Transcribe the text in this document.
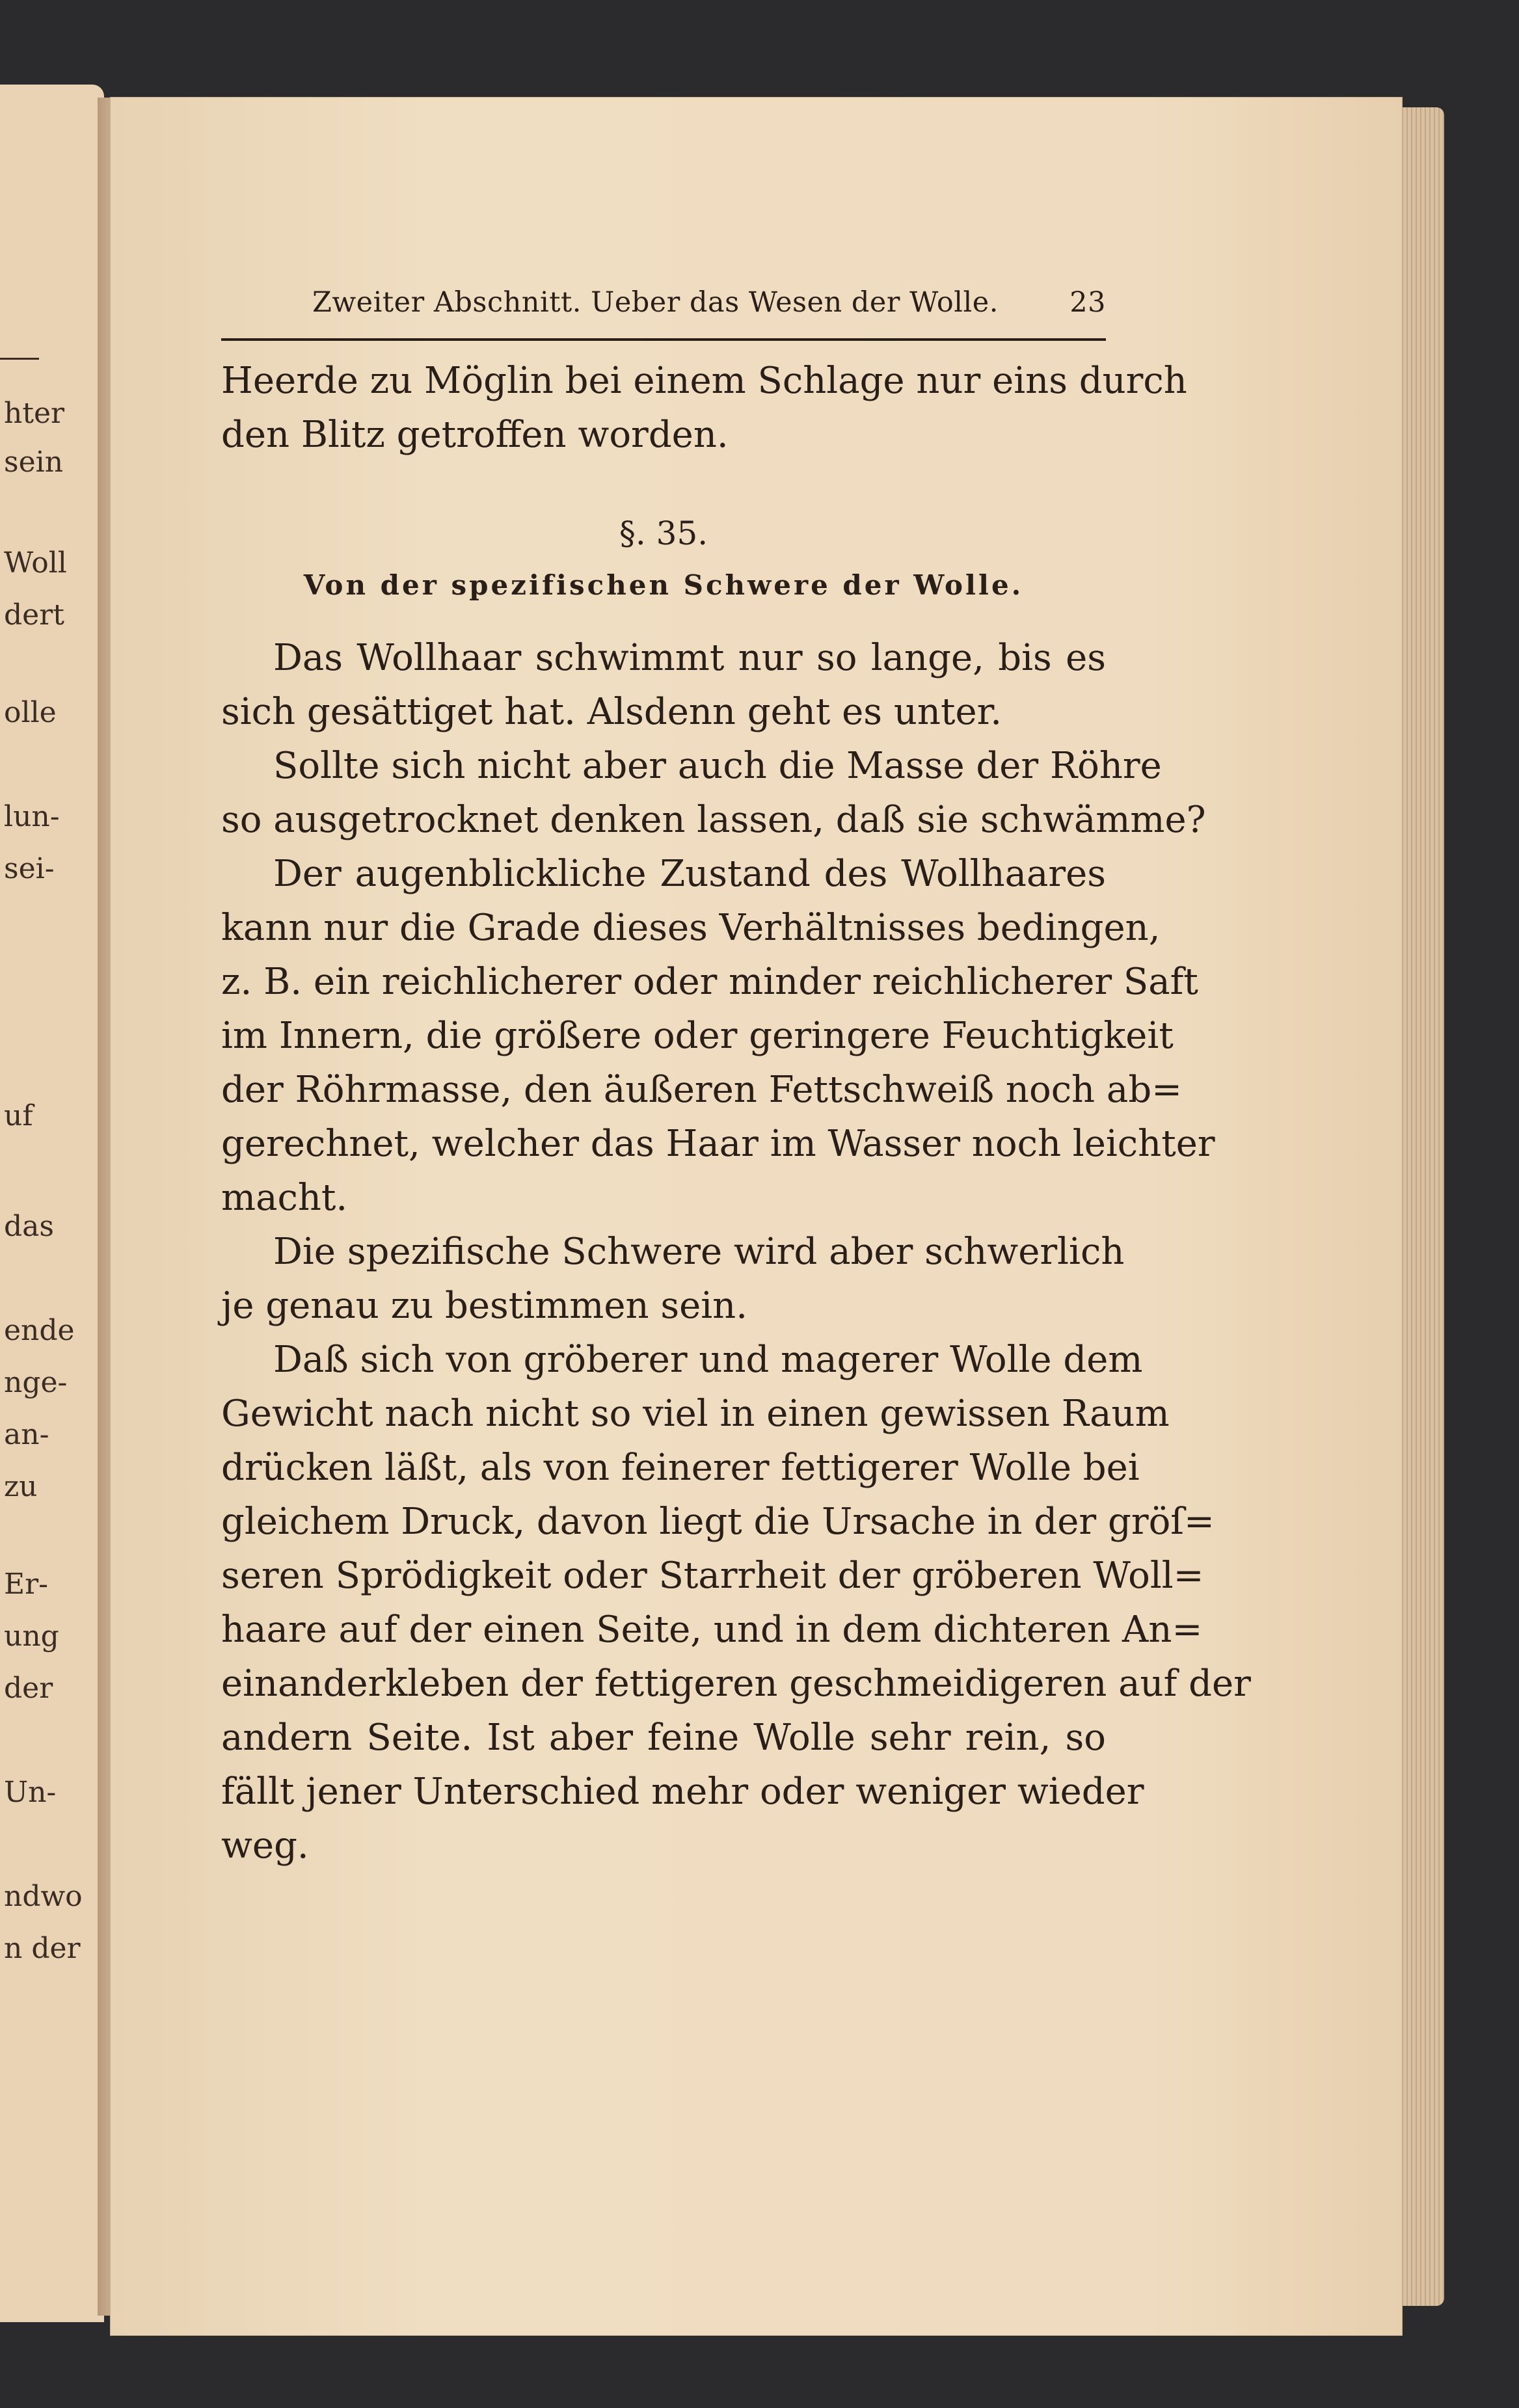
hter
sein
Woll
dert
olle
lun-
sei-
uf
das
ende
nge-
an-
zu
Er-
ung
der
Un-
ndwo
n der
Zweiter Abschnitt. Ueber das Wesen der Wolle.	23
Heerde zu Möglin bei einem Schlage nur eins durch
den Blitz getroffen worden.
§. 35.
Von der spezifischen Schwere der Wolle.
Das Wollhaar schwimmt nur so lange, bis es
sich gesättiget hat. Alsdenn geht es unter.
Sollte sich nicht aber auch die Masse der Röhre
so ausgetrocknet denken lassen, daß sie schwämme?
Der augenblickliche Zustand des Wollhaares
kann nur die Grade dieses Verhältnisses bedingen,
z. B. ein reichlicherer oder minder reichlicherer Saft
im Innern, die größere oder geringere Feuchtigkeit
der Röhrmasse, den äußeren Fettschweiß noch ab=
gerechnet, welcher das Haar im Wasser noch leichter
macht.
Die spezifische Schwere wird aber schwerlich
je genau zu bestimmen sein.
Daß sich von gröberer und magerer Wolle dem
Gewicht nach nicht so viel in einen gewissen Raum
drücken läßt, als von feinerer fettigerer Wolle bei
gleichem Druck, davon liegt die Ursache in der gröſ=
seren Sprödigkeit oder Starrheit der gröberen Woll=
haare auf der einen Seite, und in dem dichteren An=
einanderkleben der fettigeren geschmeidigeren auf der
andern Seite. Ist aber feine Wolle sehr rein, so
fällt jener Unterschied mehr oder weniger wieder
weg.
